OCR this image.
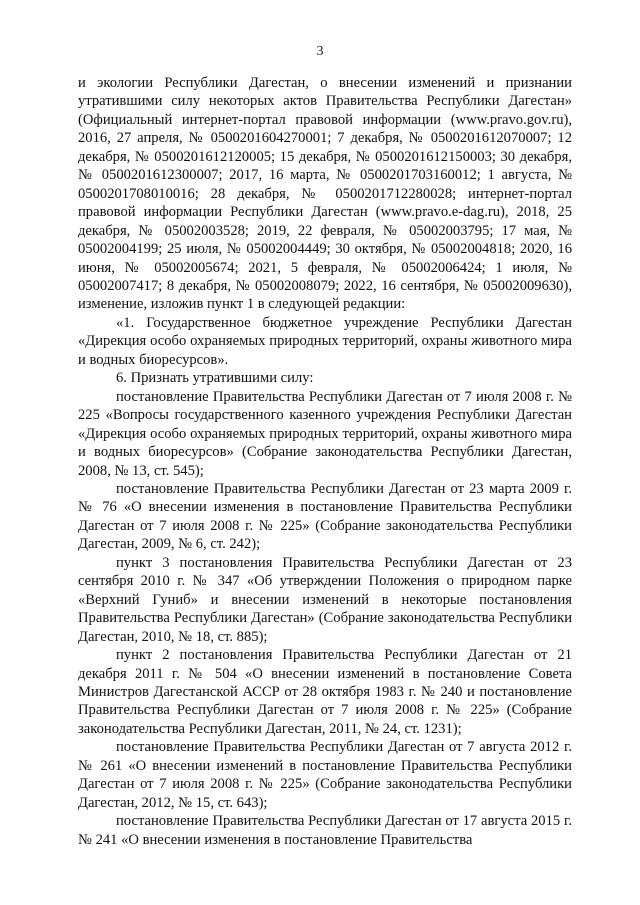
3

и экологии Республики Дагестан, о внесении изменений и признании утратившими силу некоторых актов Правительства Республики Дагестан» (Официальный интернет-портал правовой информации (www.pravo.gov.ru), 2016, 27 апреля, № 0500201604270001; 7 декабря, № 0500201612070007; 12 декабря, № 0500201612120005; 15 декабря, № 0500201612150003; 30 декабря, № 0500201612300007; 2017, 16 марта, № 0500201703160012; 1 августа, № 0500201708010016; 28 декабря, № 0500201712280028; интернет-портал правовой информации Республики Дагестан (www.pravo.e-dag.ru), 2018, 25 декабря, № 05002003528; 2019, 22 февраля, № 05002003795; 17 мая, № 05002004199; 25 июля, № 05002004449; 30 октября, № 05002004818; 2020, 16 июня, № 05002005674; 2021, 5 февраля, № 05002006424; 1 июля, № 05002007417; 8 декабря, № 05002008079; 2022, 16 сентября, № 05002009630), изменение, изложив пункт 1 в следующей редакции:

«1. Государственное бюджетное учреждение Республики Дагестан «Дирекция особо охраняемых природных территорий, охраны животного мира и водных биоресурсов».

6. Признать утратившими силу:

постановление Правительства Республики Дагестан от 7 июля 2008 г. № 225 «Вопросы государственного казенного учреждения Республики Дагестан «Дирекция особо охраняемых природных территорий, охраны животного мира и водных биоресурсов» (Собрание законодательства Республики Дагестан, 2008, № 13, ст. 545);

постановление Правительства Республики Дагестан от 23 марта 2009 г. № 76 «О внесении изменения в постановление Правительства Республики Дагестан от 7 июля 2008 г. № 225» (Собрание законодательства Республики Дагестан, 2009, № 6, ст. 242);

пункт 3 постановления Правительства Республики Дагестан от 23 сентября 2010 г. № 347 «Об утверждении Положения о природном парке «Верхний Гуниб» и внесении изменений в некоторые постановления Правительства Республики Дагестан» (Собрание законодательства Республики Дагестан, 2010, № 18, ст. 885);

пункт 2 постановления Правительства Республики Дагестан от 21 декабря 2011 г. № 504 «О внесении изменений в постановление Совета Министров Дагестанской АССР от 28 октября 1983 г. № 240 и постановление Правительства Республики Дагестан от 7 июля 2008 г. № 225» (Собрание законодательства Республики Дагестан, 2011, № 24, ст. 1231);

постановление Правительства Республики Дагестан от 7 августа 2012 г. № 261 «О внесении изменений в постановление Правительства Республики Дагестан от 7 июля 2008 г. № 225» (Собрание законодательства Республики Дагестан, 2012, № 15, ст. 643);

постановление Правительства Республики Дагестан от 17 августа 2015 г. № 241 «О внесении изменения в постановление Правительства
